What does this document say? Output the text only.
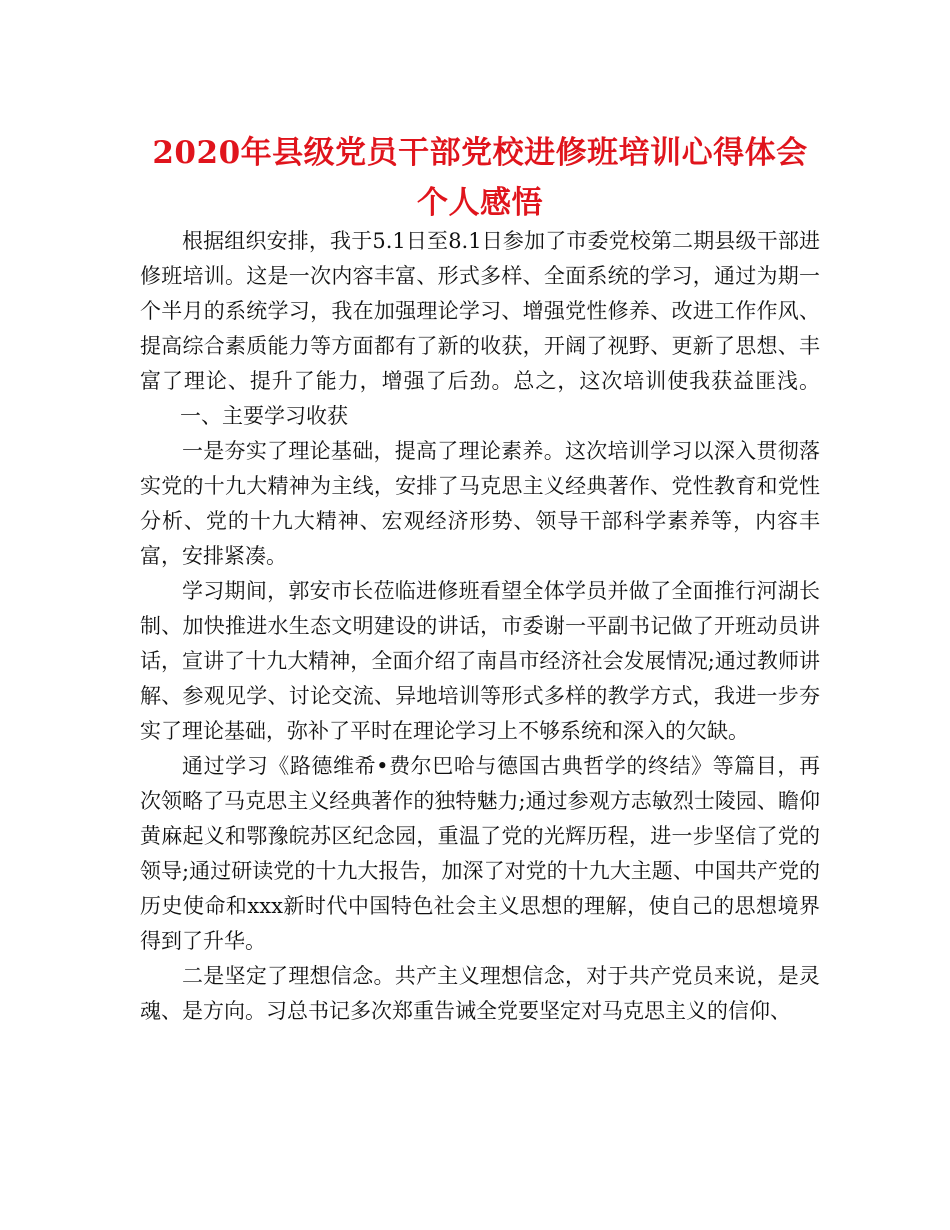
2020年县级党员干部党校进修班培训心得体会个人感悟

根据组织安排，我于5.1日至8.1日参加了市委党校第二期县级干部进修班培训。这是一次内容丰富、形式多样、全面系统的学习，通过为期一个半月的系统学习，我在加强理论学习、增强党性修养、改进工作作风、提高综合素质能力等方面都有了新的收获，开阔了视野、更新了思想、丰富了理论、提升了能力，增强了后劲。总之，这次培训使我获益匪浅。一、主要学习收获

一是夯实了理论基础，提高了理论素养。这次培训学习以深入贯彻落实党的十九大精神为主线，安排了马克思主义经典著作、党性教育和党性分析、党的十九大精神、宏观经济形势、领导干部科学素养等，内容丰富，安排紧凑。

学习期间，郭安市长莅临进修班看望全体学员并做了全面推行河湖长制、加快推进水生态文明建设的讲话，市委谢一平副书记做了开班动员讲话，宣讲了十九大精神，全面介绍了南昌市经济社会发展情况;通过教师讲解、参观见学、讨论交流、异地培训等形式多样的教学方式，我进一步夯实了理论基础，弥补了平时在理论学习上不够系统和深入的欠缺。

通过学习《路德维希•费尔巴哈与德国古典哲学的终结》等篇目，再次领略了马克思主义经典著作的独特魅力;通过参观方志敏烈士陵园、瞻仰黄麻起义和鄂豫皖苏区纪念园，重温了党的光辉历程，进一步坚信了党的领导;通过研读党的十九大报告，加深了对党的十九大主题、中国共产党的历史使命和xxx新时代中国特色社会主义思想的理解，使自己的思想境界得到了升华。

二是坚定了理想信念。共产主义理想信念，对于共产党员来说，是灵魂、是方向。习总书记多次郑重告诫全党要坚定对马克思主义的信仰、
